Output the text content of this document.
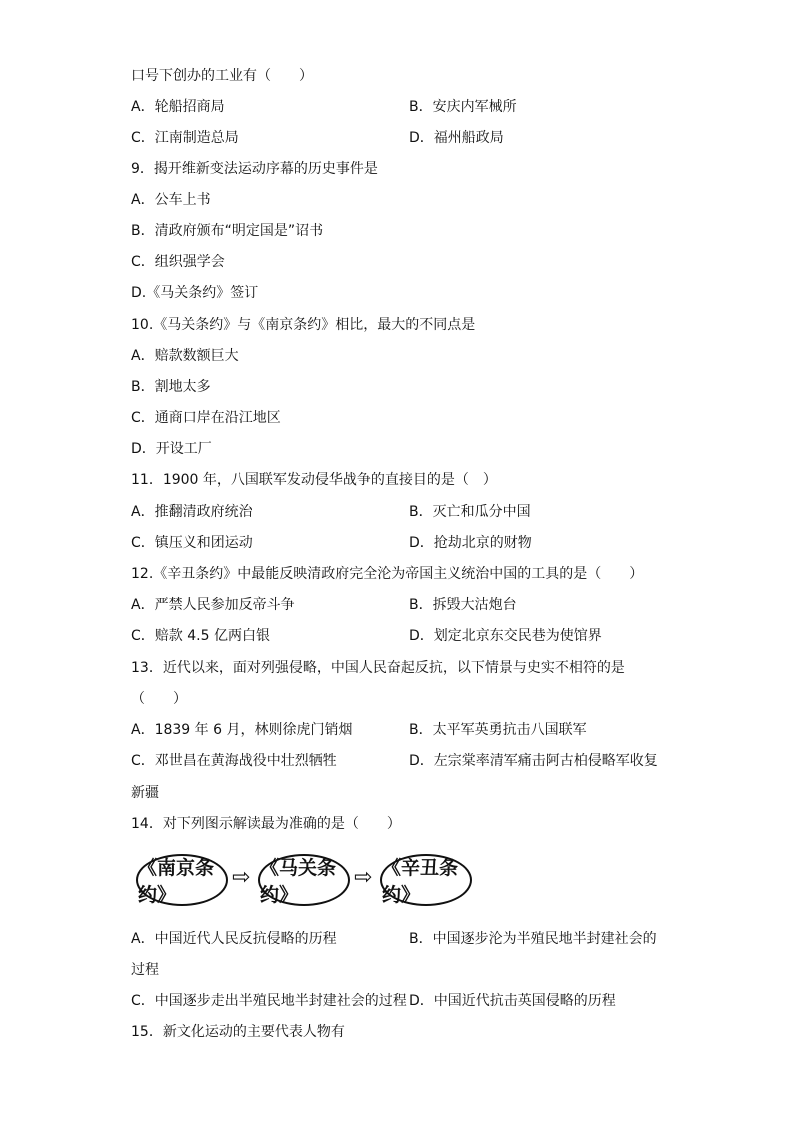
口号下创办的工业有（　　）
A．轮船招商局	B．安庆内军械所
C．江南制造总局	D．福州船政局
9．揭开维新变法运动序幕的历史事件是
A．公车上书
B．清政府颁布“明定国是”诏书
C．组织强学会
D.《马关条约》签订
10.《马关条约》与《南京条约》相比，最大的不同点是
A．赔款数额巨大
B．割地太多
C．通商口岸在沿江地区
D．开设工厂
11．1900 年，八国联军发动侵华战争的直接目的是（　）
A．推翻清政府统治	B．灭亡和瓜分中国
C．镇压义和团运动	D．抢劫北京的财物
12.《辛丑条约》中最能反映清政府完全沦为帝国主义统治中国的工具的是（　　）
A．严禁人民参加反帝斗争	B．拆毁大沽炮台
C．赔款 4.5 亿两白银	D．划定北京东交民巷为使馆界
13．近代以来，面对列强侵略，中国人民奋起反抗，以下情景与史实不相符的是
（　　）
A．1839 年 6 月，林则徐虎门销烟	B．太平军英勇抗击八国联军
C．邓世昌在黄海战役中壮烈牺牲	D．左宗棠率清军痛击阿古柏侵略军收复
新疆
14．对下列图示解读最为准确的是（　　）
《南京条约》
⇨ 《马关条约》
⇨ 《辛丑条约》
A．中国近代人民反抗侵略的历程	B．中国逐步沦为半殖民地半封建社会的
过程
C．中国逐步走出半殖民地半封建社会的过程 D．中国近代抗击英国侵略的历程
15．新文化运动的主要代表人物有
